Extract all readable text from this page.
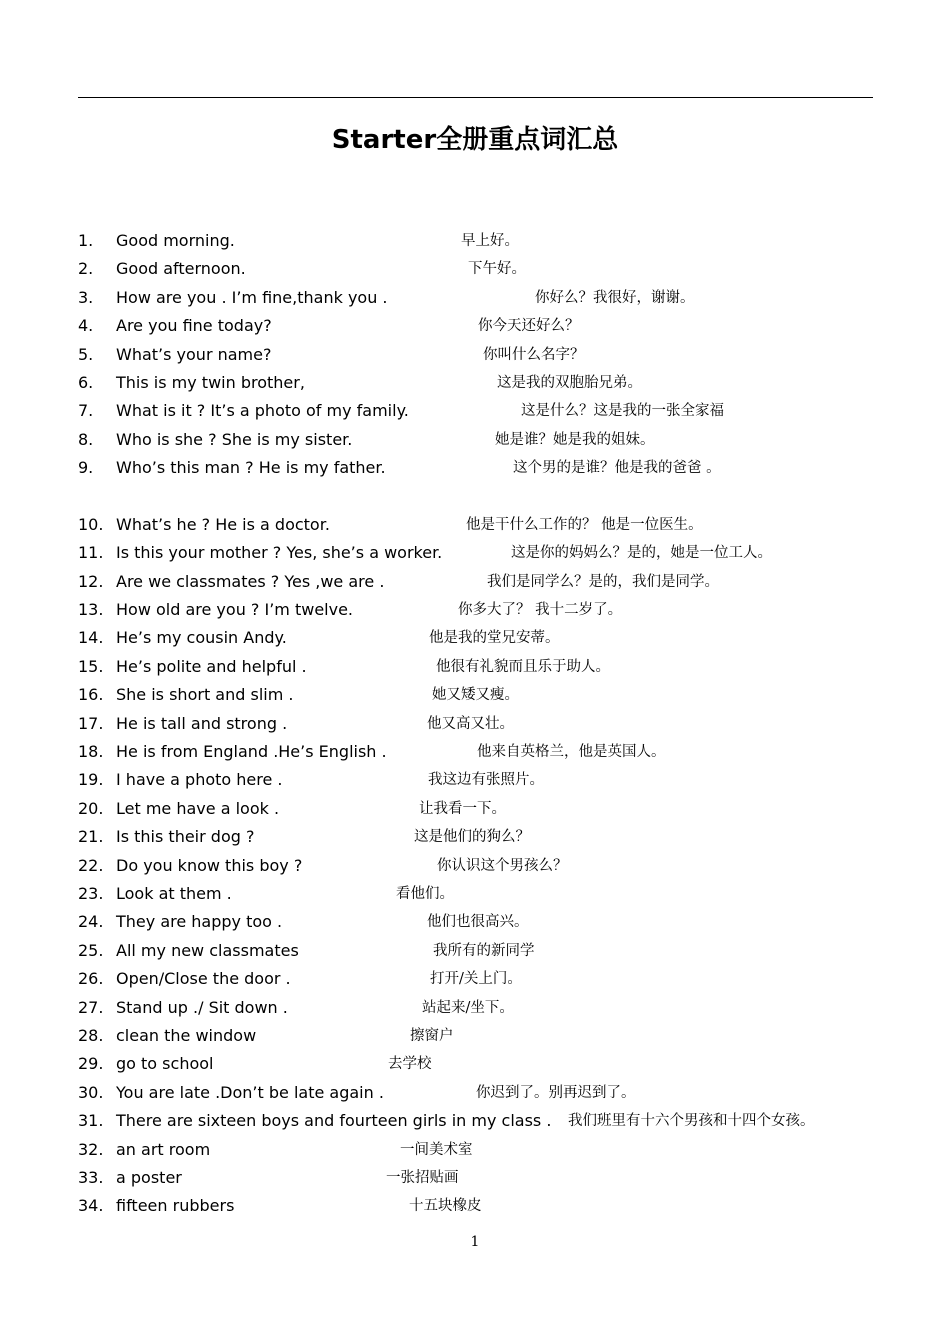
Starter全册重点词汇总
1. Good morning.	早上好。
2. Good afternoon.	下午好。
3. How are you . I’m fine,thank you .	你好么？我很好，谢谢。
4. Are you fine today?	你今天还好么？
5. What’s your name?	你叫什么名字？
6. This is my twin brother,	这是我的双胞胎兄弟。
7. What is it ? It’s a photo of my family.	这是什么？这是我的一张全家福
8. Who is she ? She is my sister.	她是谁？她是我的姐妹。
9. Who’s this man ? He is my father.	这个男的是谁？他是我的爸爸 。
10. What’s he ? He is a doctor.	他是干什么工作的？ 他是一位医生。
11. Is this your mother ? Yes, she’s a worker.	这是你的妈妈么？是的，她是一位工人。
12. Are we classmates ? Yes ,we are .	我们是同学么？是的，我们是同学。
13. How old are you ? I’m twelve.	你多大了？ 我十二岁了。
14. He’s my cousin Andy.	他是我的堂兄安蒂。
15. He’s polite and helpful .	他很有礼貌而且乐于助人。
16. She is short and slim .	她又矮又瘦。
17. He is tall and strong .	他又高又壮。
18. He is from England .He’s English .	他来自英格兰，他是英国人。
19. I have a photo here .	我这边有张照片。
20. Let me have a look .	让我看一下。
21. Is this their dog ?	这是他们的狗么？
22. Do you know this boy ?	你认识这个男孩么？
23. Look at them .	看他们。
24. They are happy too .	他们也很高兴。
25. All my new classmates	我所有的新同学
26. Open/Close the door .	打开/关上门。
27. Stand up ./ Sit down .	站起来/坐下。
28. clean the window	擦窗户
29. go to school	去学校
30. You are late .Don’t be late again .	你迟到了。别再迟到了。
31. There are sixteen boys and fourteen girls in my class . 我们班里有十六个男孩和十四个女孩。
32. an art room	一间美术室
33. a poster	一张招贴画
34. fifteen rubbers	十五块橡皮
1
